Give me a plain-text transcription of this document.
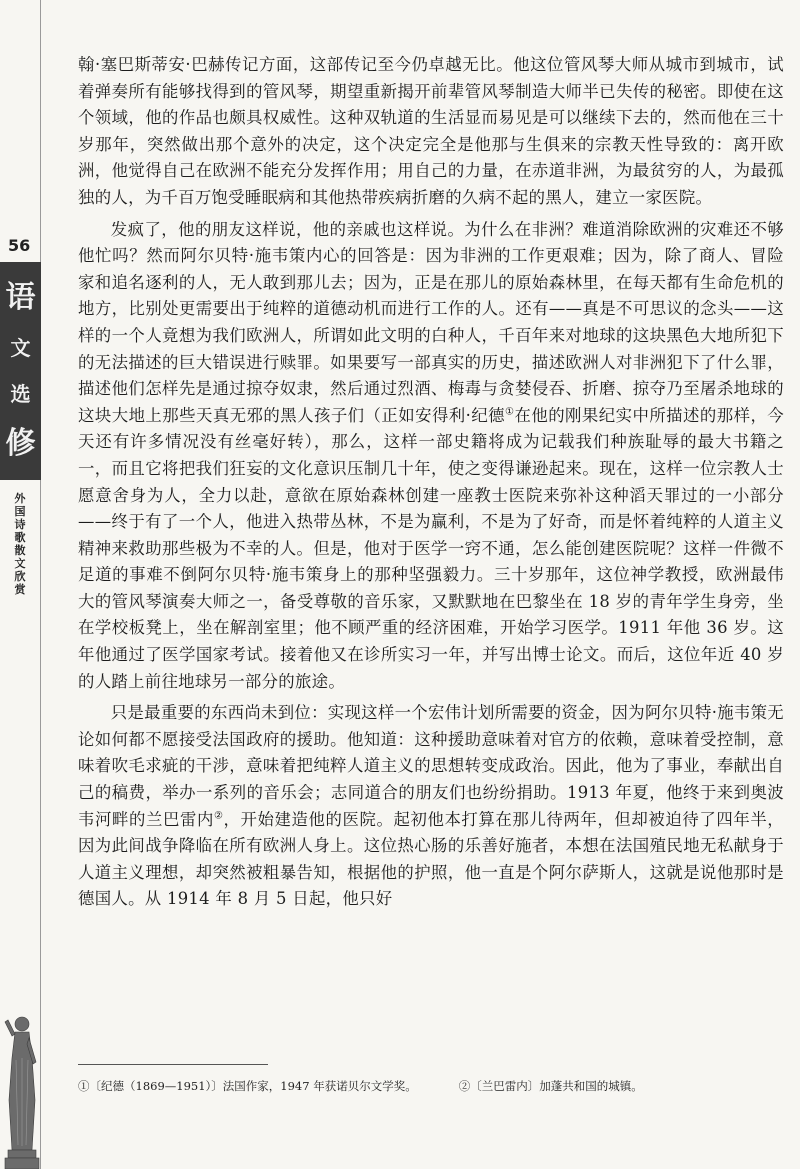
56
语
文
选
修
外国诗歌散文欣赏

翰·塞巴斯蒂安·巴赫传记方面，这部传记至今仍卓越无比。他这位管风琴大师从城市到城市，试着弹奏所有能够找得到的管风琴，期望重新揭开前辈管风琴制造大师半已失传的秘密。即使在这个领域，他的作品也颇具权威性。这种双轨道的生活显而易见是可以继续下去的，然而他在三十岁那年，突然做出那个意外的决定，这个决定完全是他那与生俱来的宗教天性导致的：离开欧洲，他觉得自己在欧洲不能充分发挥作用；用自己的力量，在赤道非洲，为最贫穷的人，为最孤独的人，为千百万饱受睡眠病和其他热带疾病折磨的久病不起的黑人，建立一家医院。

发疯了，他的朋友这样说，他的亲戚也这样说。为什么在非洲？难道消除欧洲的灾难还不够他忙吗？然而阿尔贝特·施韦策内心的回答是：因为非洲的工作更艰难；因为，除了商人、冒险家和追名逐利的人，无人敢到那儿去；因为，正是在那儿的原始森林里，在每天都有生命危机的地方，比别处更需要出于纯粹的道德动机而进行工作的人。还有——真是不可思议的念头——这样的一个人竟想为我们欧洲人，所谓如此文明的白种人，千百年来对地球的这块黑色大地所犯下的无法描述的巨大错误进行赎罪。如果要写一部真实的历史，描述欧洲人对非洲犯下了什么罪，描述他们怎样先是通过掠夺奴隶，然后通过烈酒、梅毒与贪婪侵吞、折磨、掠夺乃至屠杀地球的这块大地上那些天真无邪的黑人孩子们（正如安得利·纪德①在他的刚果纪实中所描述的那样，今天还有许多情况没有丝毫好转），那么，这样一部史籍将成为记载我们种族耻辱的最大书籍之一，而且它将把我们狂妄的文化意识压制几十年，使之变得谦逊起来。现在，这样一位宗教人士愿意舍身为人，全力以赴，意欲在原始森林创建一座教士医院来弥补这种滔天罪过的一小部分——终于有了一个人，他进入热带丛林，不是为赢利，不是为了好奇，而是怀着纯粹的人道主义精神来救助那些极为不幸的人。但是，他对于医学一窍不通，怎么能创建医院呢？这样一件微不足道的事难不倒阿尔贝特·施韦策身上的那种坚强毅力。三十岁那年，这位神学教授，欧洲最伟大的管风琴演奏大师之一，备受尊敬的音乐家，又默默地在巴黎坐在 18 岁的青年学生身旁，坐在学校板凳上，坐在解剖室里；他不顾严重的经济困难，开始学习医学。1911 年他 36 岁。这年他通过了医学国家考试。接着他又在诊所实习一年，并写出博士论文。而后，这位年近 40 岁的人踏上前往地球另一部分的旅途。

只是最重要的东西尚未到位：实现这样一个宏伟计划所需要的资金，因为阿尔贝特·施韦策无论如何都不愿接受法国政府的援助。他知道：这种援助意味着对官方的依赖，意味着受控制，意味着吹毛求疵的干涉，意味着把纯粹人道主义的思想转变成政治。因此，他为了事业，奉献出自己的稿费，举办一系列的音乐会；志同道合的朋友们也纷纷捐助。1913 年夏，他终于来到奥波韦河畔的兰巴雷内②，开始建造他的医院。起初他本打算在那儿待两年，但却被迫待了四年半，因为此间战争降临在所有欧洲人身上。这位热心肠的乐善好施者，本想在法国殖民地无私献身于人道主义理想，却突然被粗暴告知，根据他的护照，他一直是个阿尔萨斯人，这就是说他那时是德国人。从 1914 年 8 月 5 日起，他只好

①〔纪德（1869—1951）〕法国作家，1947 年获诺贝尔文学奖。	②〔兰巴雷内〕加蓬共和国的城镇。
